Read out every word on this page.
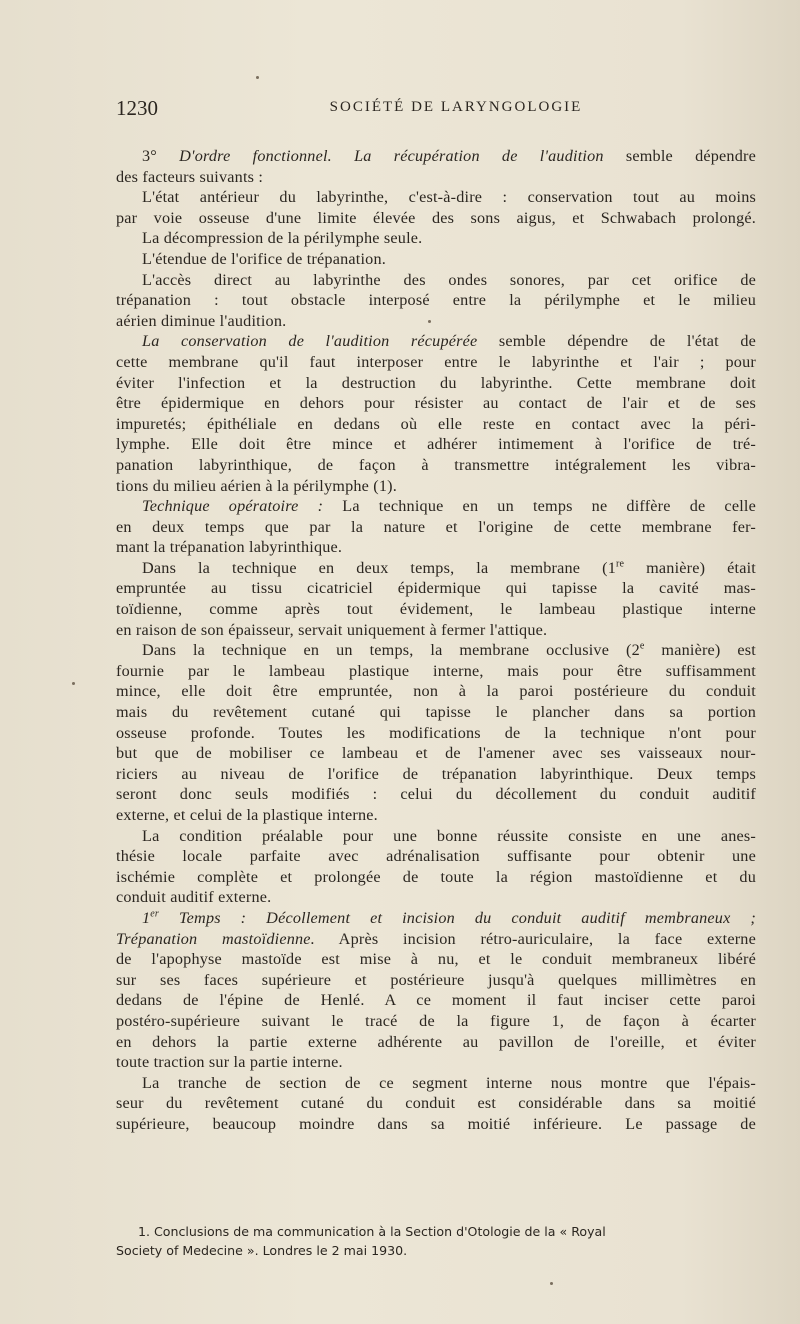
1230	SOCIÉTÉ DE LARYNGOLOGIE
3° D'ordre fonctionnel. La récupération de l'audition semble dépendre
des facteurs suivants :
L'état antérieur du labyrinthe, c'est-à-dire : conservation tout au moins
par voie osseuse d'une limite élevée des sons aigus, et Schwabach prolongé.
La décompression de la périlymphe seule.
L'étendue de l'orifice de trépanation.
L'accès direct au labyrinthe des ondes sonores, par cet orifice de
trépanation : tout obstacle interposé entre la périlymphe et le milieu
aérien diminue l'audition.
La conservation de l'audition récupérée semble dépendre de l'état de
cette membrane qu'il faut interposer entre le labyrinthe et l'air ; pour
éviter l'infection et la destruction du labyrinthe. Cette membrane doit
être épidermique en dehors pour résister au contact de l'air et de ses
impuretés; épithéliale en dedans où elle reste en contact avec la péri-
lymphe. Elle doit être mince et adhérer intimement à l'orifice de tré-
panation labyrinthique, de façon à transmettre intégralement les vibra-
tions du milieu aérien à la périlymphe (1).
Technique opératoire : La technique en un temps ne diffère de celle
en deux temps que par la nature et l'origine de cette membrane fer-
mant la trépanation labyrinthique.
Dans la technique en deux temps, la membrane (1re manière) était
empruntée au tissu cicatriciel épidermique qui tapisse la cavité mas-
toïdienne, comme après tout évidement, le lambeau plastique interne
en raison de son épaisseur, servait uniquement à fermer l'attique.
Dans la technique en un temps, la membrane occlusive (2e manière) est
fournie par le lambeau plastique interne, mais pour être suffisamment
mince, elle doit être empruntée, non à la paroi postérieure du conduit
mais du revêtement cutané qui tapisse le plancher dans sa portion
osseuse profonde. Toutes les modifications de la technique n'ont pour
but que de mobiliser ce lambeau et de l'amener avec ses vaisseaux nour-
riciers au niveau de l'orifice de trépanation labyrinthique. Deux temps
seront donc seuls modifiés : celui du décollement du conduit auditif
externe, et celui de la plastique interne.
La condition préalable pour une bonne réussite consiste en une anes-
thésie locale parfaite avec adrénalisation suffisante pour obtenir une
ischémie complète et prolongée de toute la région mastoïdienne et du
conduit auditif externe.
1er Temps : Décollement et incision du conduit auditif membraneux ;
Trépanation mastoïdienne. Après incision rétro-auriculaire, la face externe
de l'apophyse mastoïde est mise à nu, et le conduit membraneux libéré
sur ses faces supérieure et postérieure jusqu'à quelques millimètres en
dedans de l'épine de Henlé. A ce moment il faut inciser cette paroi
postéro-supérieure suivant le tracé de la figure 1, de façon à écarter
en dehors la partie externe adhérente au pavillon de l'oreille, et éviter
toute traction sur la partie interne.
La tranche de section de ce segment interne nous montre que l'épais-
seur du revêtement cutané du conduit est considérable dans sa moitié
supérieure, beaucoup moindre dans sa moitié inférieure. Le passage de
1. Conclusions de ma communication à la Section d'Otologie de la « Royal
Society of Medecine ». Londres le 2 mai 1930.
